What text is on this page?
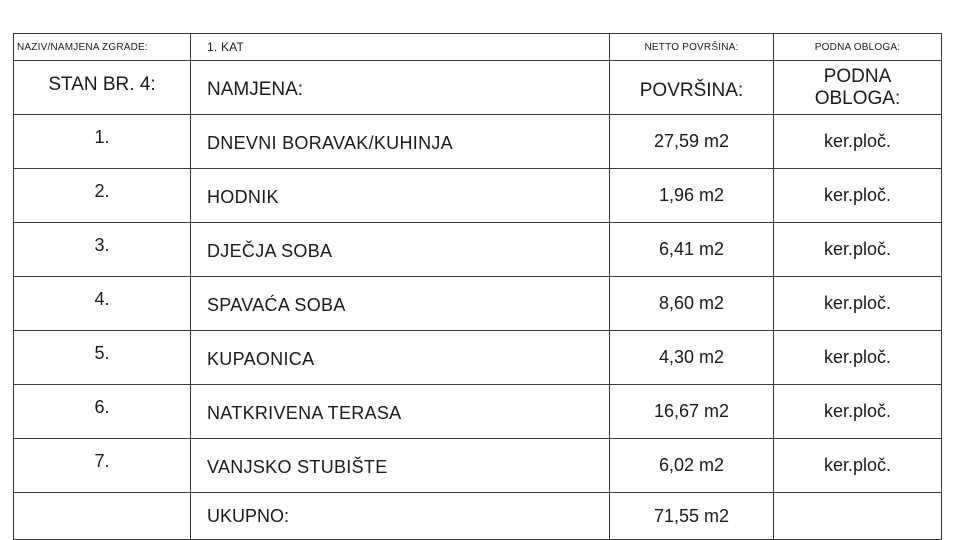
NAZIV/NAMJENA ZGRADE:	1. KAT	NETTO POVRŠINA:	PODNA OBLOGA:
STAN BR. 4:	NAMJENA:	POVRŠINA:	PODNA
OBLOGA:

1.	DNEVNI BORAVAK/KUHINJA	27,59 m2	ker.ploč.
2.	HODNIK	1,96 m2	ker.ploč.
3.	DJEČJA SOBA	6,41 m2	ker.ploč.
4.	SPAVAĆA SOBA	8,60 m2	ker.ploč.
5.	KUPAONICA	4,30 m2	ker.ploč.
6.	NATKRIVENA TERASA	16,67 m2	ker.ploč.
7.	VANJSKO STUBIŠTE	6,02 m2	ker.ploč.
	UKUPNO:	71,55 m2	
